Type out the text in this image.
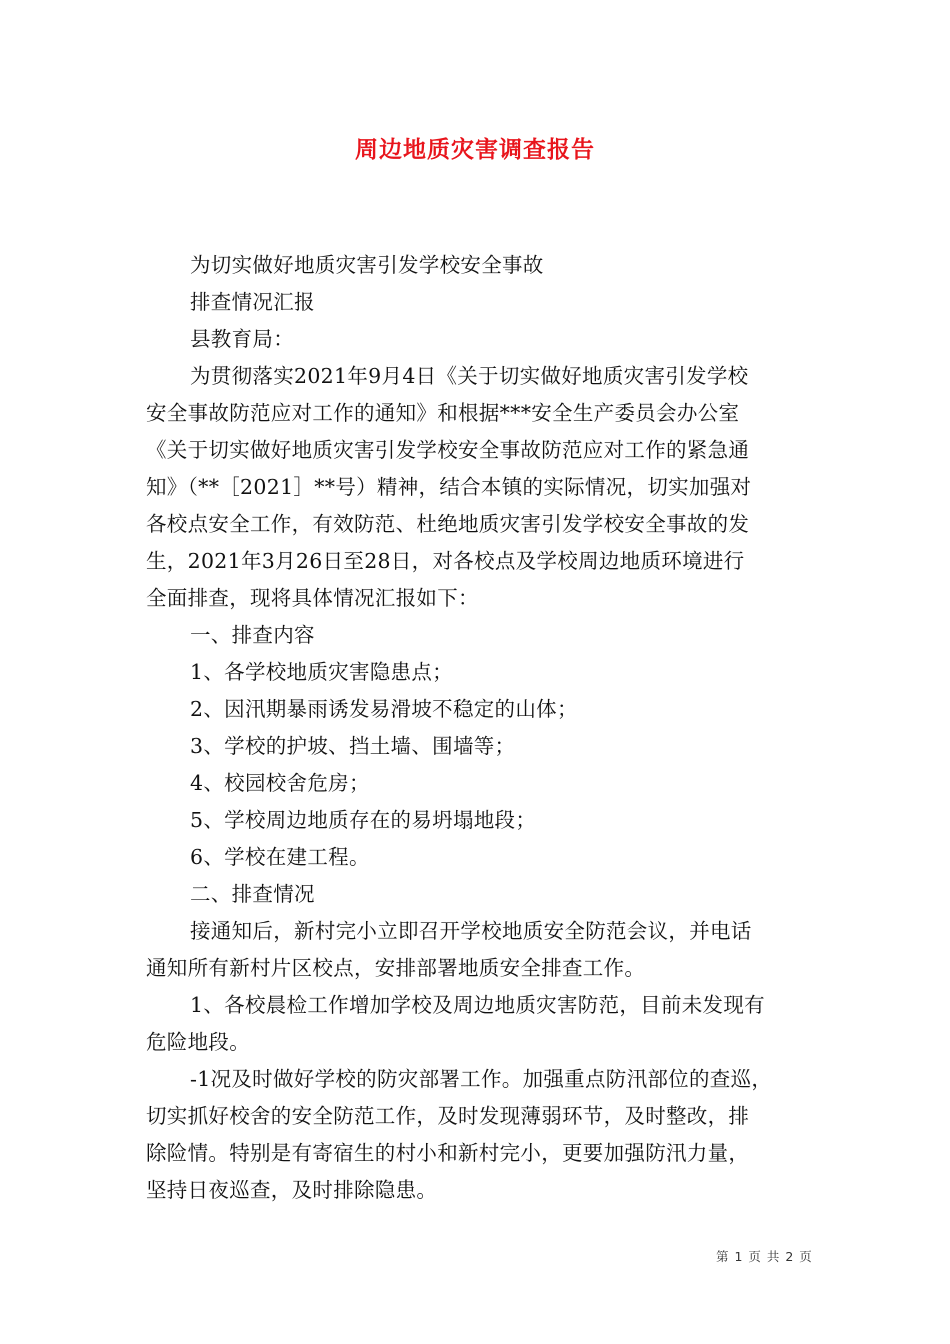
周边地质灾害调查报告
为切实做好地质灾害引发学校安全事故
排查情况汇报
县教育局：
为贯彻落实2021年9月4日《关于切实做好地质灾害引发学校
安全事故防范应对工作的通知》和根据***安全生产委员会办公室
《关于切实做好地质灾害引发学校安全事故防范应对工作的紧急通
知》（**［2021］**号）精神，结合本镇的实际情况，切实加强对
各校点安全工作，有效防范、杜绝地质灾害引发学校安全事故的发
生，2021年3月26日至28日，对各校点及学校周边地质环境进行
全面排查，现将具体情况汇报如下：
一、排查内容
1、各学校地质灾害隐患点；
2、因汛期暴雨诱发易滑坡不稳定的山体；
3、学校的护坡、挡土墙、围墙等；
4、校园校舍危房；
5、学校周边地质存在的易坍塌地段；
6、学校在建工程。
二、排查情况
接通知后，新村完小立即召开学校地质安全防范会议，并电话
通知所有新村片区校点，安排部署地质安全排查工作。
1、各校晨检工作增加学校及周边地质灾害防范，目前未发现有
危险地段。
-1况及时做好学校的防灾部署工作。加强重点防汛部位的查巡，
切实抓好校舍的安全防范工作，及时发现薄弱环节，及时整改，排
除险情。特别是有寄宿生的村小和新村完小，更要加强防汛力量，
坚持日夜巡查，及时排除隐患。
第 1 页 共 2 页
